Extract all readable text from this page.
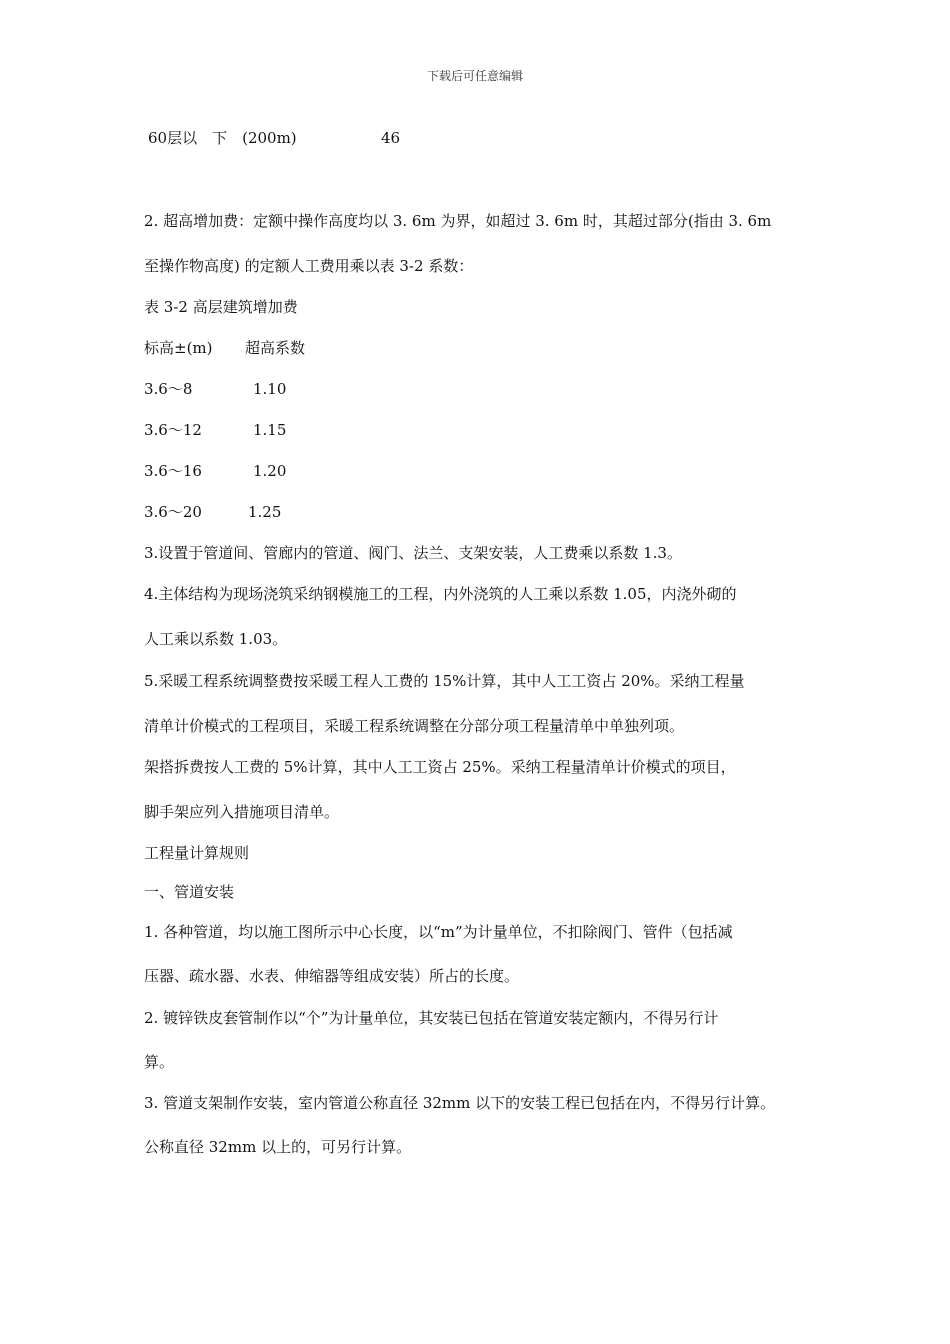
下载后可任意编辑
60层以　下　(200m)	46
2. 超高增加费：定额中操作高度均以 3. 6m 为界，如超过 3. 6m 时，其超过部分(指由 3. 6m
至操作物高度) 的定额人工费用乘以表 3-2 系数：
表 3-2 高层建筑增加费
标高±(m) 超高系数
3.6～8	1.10
3.6～12	1.15
3.6～16	1.20
3.6～20	1.25
3.设置于管道间、管廊内的管道、阀门、法兰、支架安装，人工费乘以系数 1.3。
4.主体结构为现场浇筑采纳钢模施工的工程，内外浇筑的人工乘以系数 1.05，内浇外砌的
人工乘以系数 1.03。
5.采暖工程系统调整费按采暖工程人工费的 15%计算，其中人工工资占 20%。采纳工程量
清单计价模式的工程项目，采暖工程系统调整在分部分项工程量清单中单独列项。
架搭拆费按人工费的 5%计算，其中人工工资占 25%。采纳工程量清单计价模式的项目，
脚手架应列入措施项目清单。
工程量计算规则
一、管道安装
1. 各种管道，均以施工图所示中心长度，以“m”为计量单位，不扣除阀门、管件（包括减
压器、疏水器、水表、伸缩器等组成安装）所占的长度。
2. 镀锌铁皮套管制作以“个”为计量单位，其安装已包括在管道安装定额内，不得另行计
算。
3. 管道支架制作安装，室内管道公称直径 32mm 以下的安装工程已包括在内，不得另行计算。
公称直径 32mm 以上的，可另行计算。
